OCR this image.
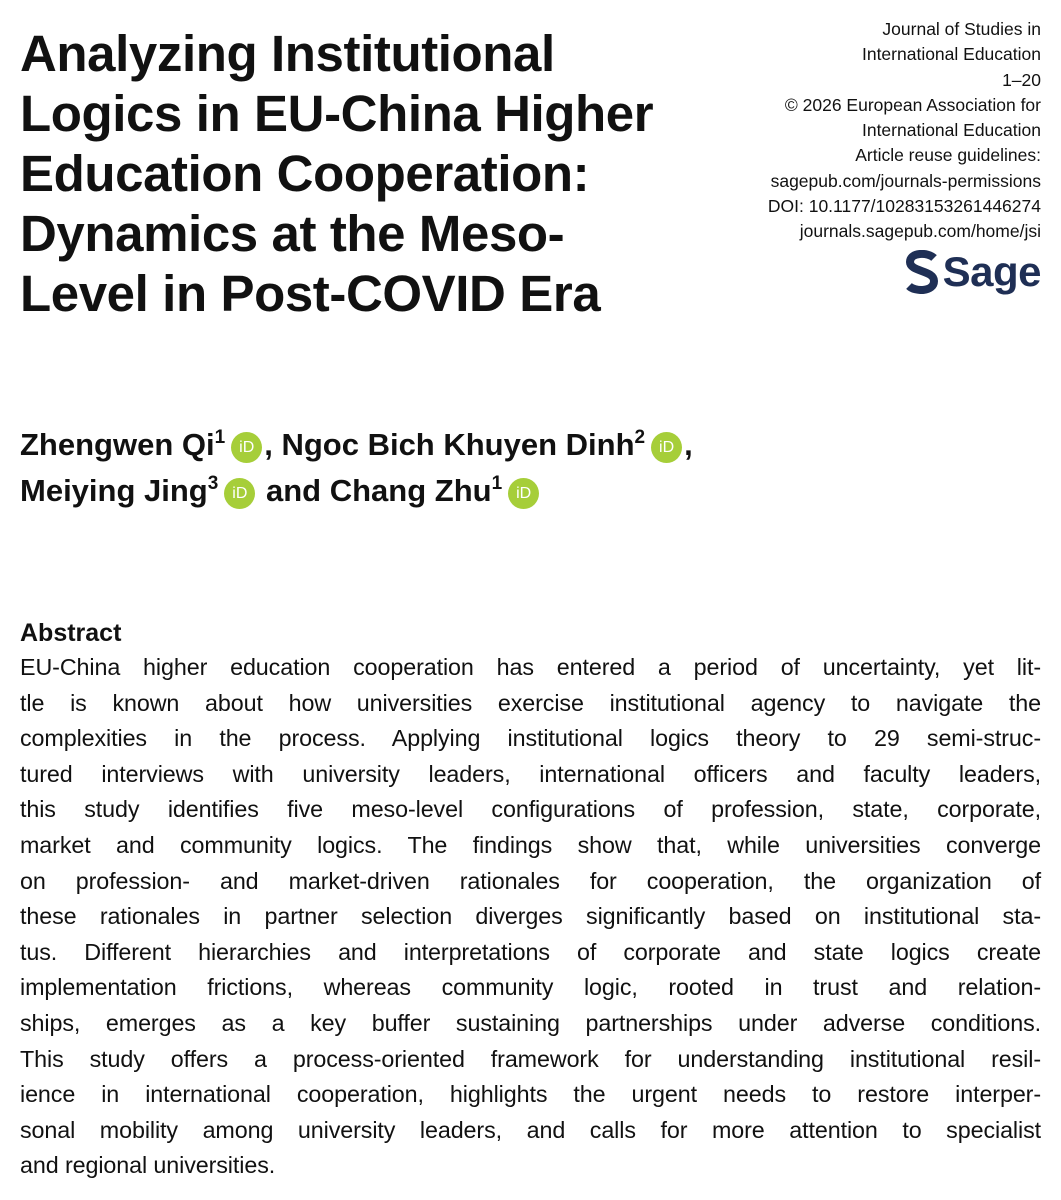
Analyzing Institutional
Logics in EU-China Higher
Education Cooperation:
Dynamics at the Meso-
Level in Post-COVID Era
Journal of Studies in
International Education
1–20
© 2026 European Association for
International Education
Article reuse guidelines:
sagepub.com/journals-permissions
DOI: 10.1177/10283153261446274
journals.sagepub.com/home/jsi
Sage
Zhengwen Qi$^1$ iD , Ngoc Bich Khuyen Dinh$^2$ iD ,
Meiying Jing$^3$ iD and Chang Zhu$^1$ iD
Abstract

EU-China higher education cooperation has entered a period of uncertainty, yet lit-
tle is known about how universities exercise institutional agency to navigate the
complexities in the process. Applying institutional logics theory to 29 semi-struc-
tured interviews with university leaders, international officers and faculty leaders,
this study identifies five meso-level configurations of profession, state, corporate,
market and community logics. The findings show that, while universities converge
on profession- and market-driven rationales for cooperation, the organization of
these rationales in partner selection diverges significantly based on institutional sta-
tus. Different hierarchies and interpretations of corporate and state logics create
implementation frictions, whereas community logic, rooted in trust and relation-
ships, emerges as a key buffer sustaining partnerships under adverse conditions.
This study offers a process-oriented framework for understanding institutional resil-
ience in international cooperation, highlights the urgent needs to restore interper-
sonal mobility among university leaders, and calls for more attention to specialist
and regional universities.
